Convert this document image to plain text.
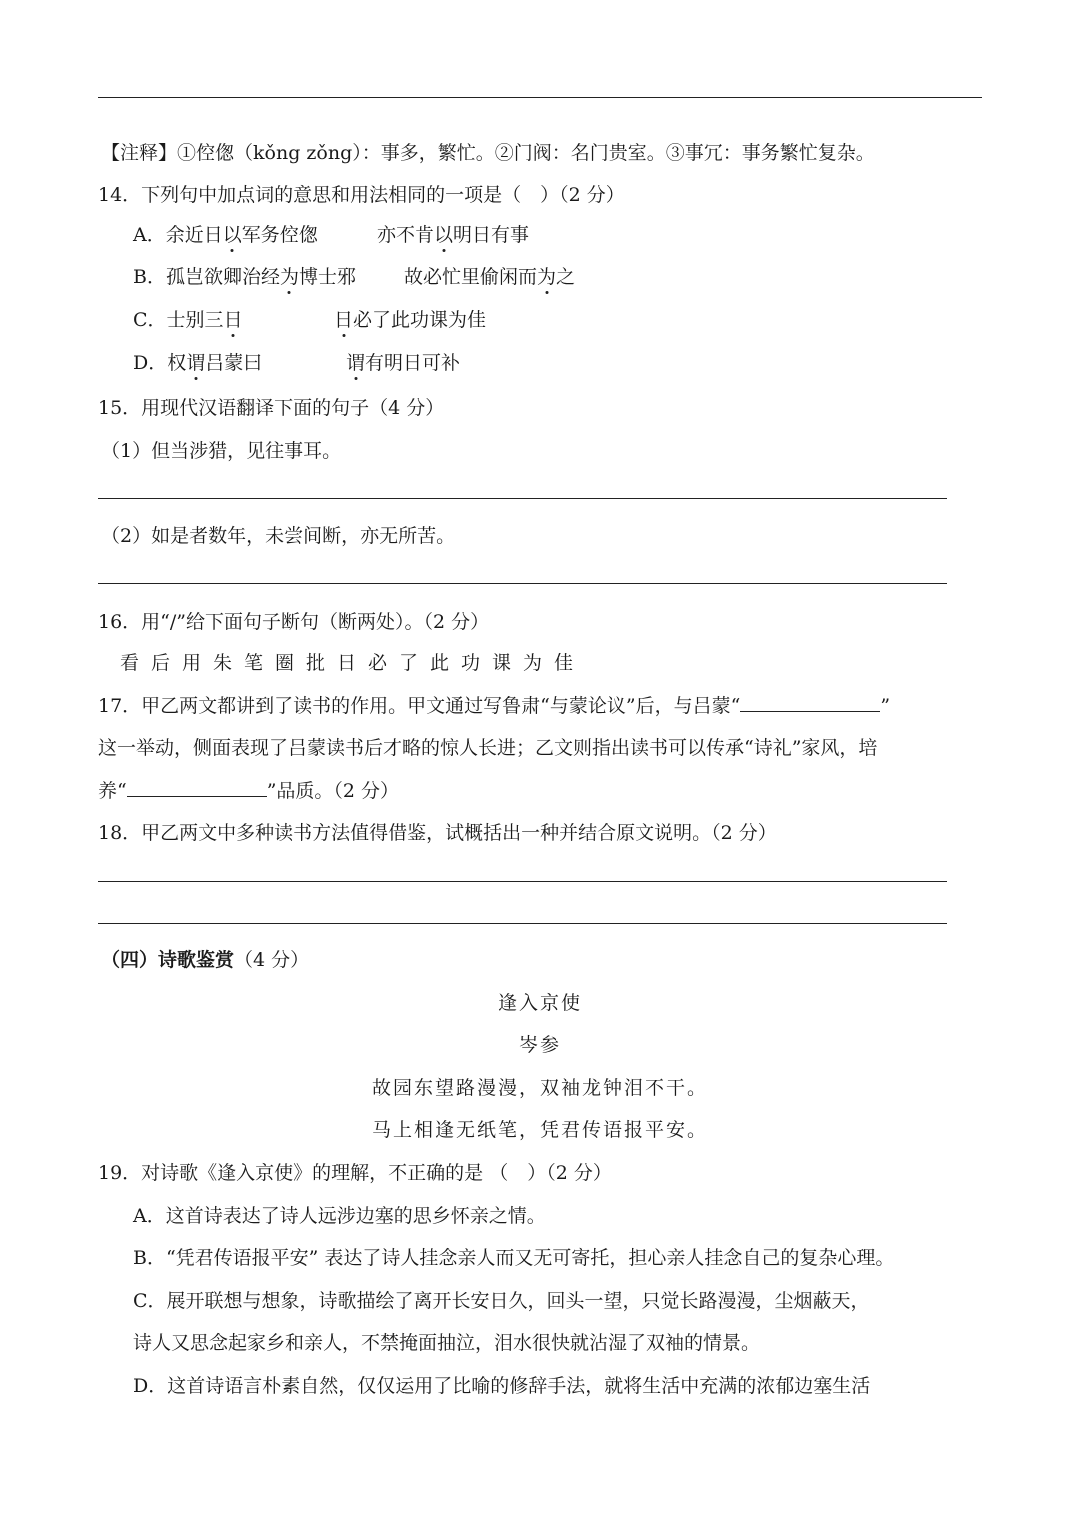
【注释】①倥偬（kǒng zǒng）：事多，繁忙。②门阀：名门贵室。③事冗：事务繁忙复杂。
14．下列句中加点词的意思和用法相同的一项是（　）（2 分）
A．余近日以军务倥偬	亦不肯以明日有事
B．孤岂欲卿治经为博士邪	故必忙里偷闲而为之
C．士别三日	日必了此功课为佳
D．权谓吕蒙曰	谓有明日可补
15．用现代汉语翻译下面的句子（4 分）
（1）但当涉猎，见往事耳。
（2）如是者数年，未尝间断，亦无所苦。
16．用“/”给下面句子断句（断两处）。（2 分）
看后用朱笔圈批日必了此功课为佳
17．甲乙两文都讲到了读书的作用。甲文通过写鲁肃“与蒙论议”后，与吕蒙“	”
这一举动，侧面表现了吕蒙读书后才略的惊人长进；乙文则指出读书可以传承“诗礼”家风，培
养“	”品质。（2 分）
18．甲乙两文中多种读书方法值得借鉴，试概括出一种并结合原文说明。（2 分）
（四）诗歌鉴赏（4 分）
逢入京使
岑参
故园东望路漫漫，双袖龙钟泪不干。
马上相逢无纸笔，凭君传语报平安。
19．对诗歌《逢入京使》的理解，不正确的是 （　）（2 分）
A．这首诗表达了诗人远涉边塞的思乡怀亲之情。
B．“凭君传语报平安” 表达了诗人挂念亲人而又无可寄托，担心亲人挂念自己的复杂心理。
C．展开联想与想象，诗歌描绘了离开长安日久，回头一望，只觉长路漫漫，尘烟蔽天，
诗人又思念起家乡和亲人，不禁掩面抽泣，泪水很快就沾湿了双袖的情景。
D．这首诗语言朴素自然，仅仅运用了比喻的修辞手法，就将生活中充满的浓郁边塞生活
